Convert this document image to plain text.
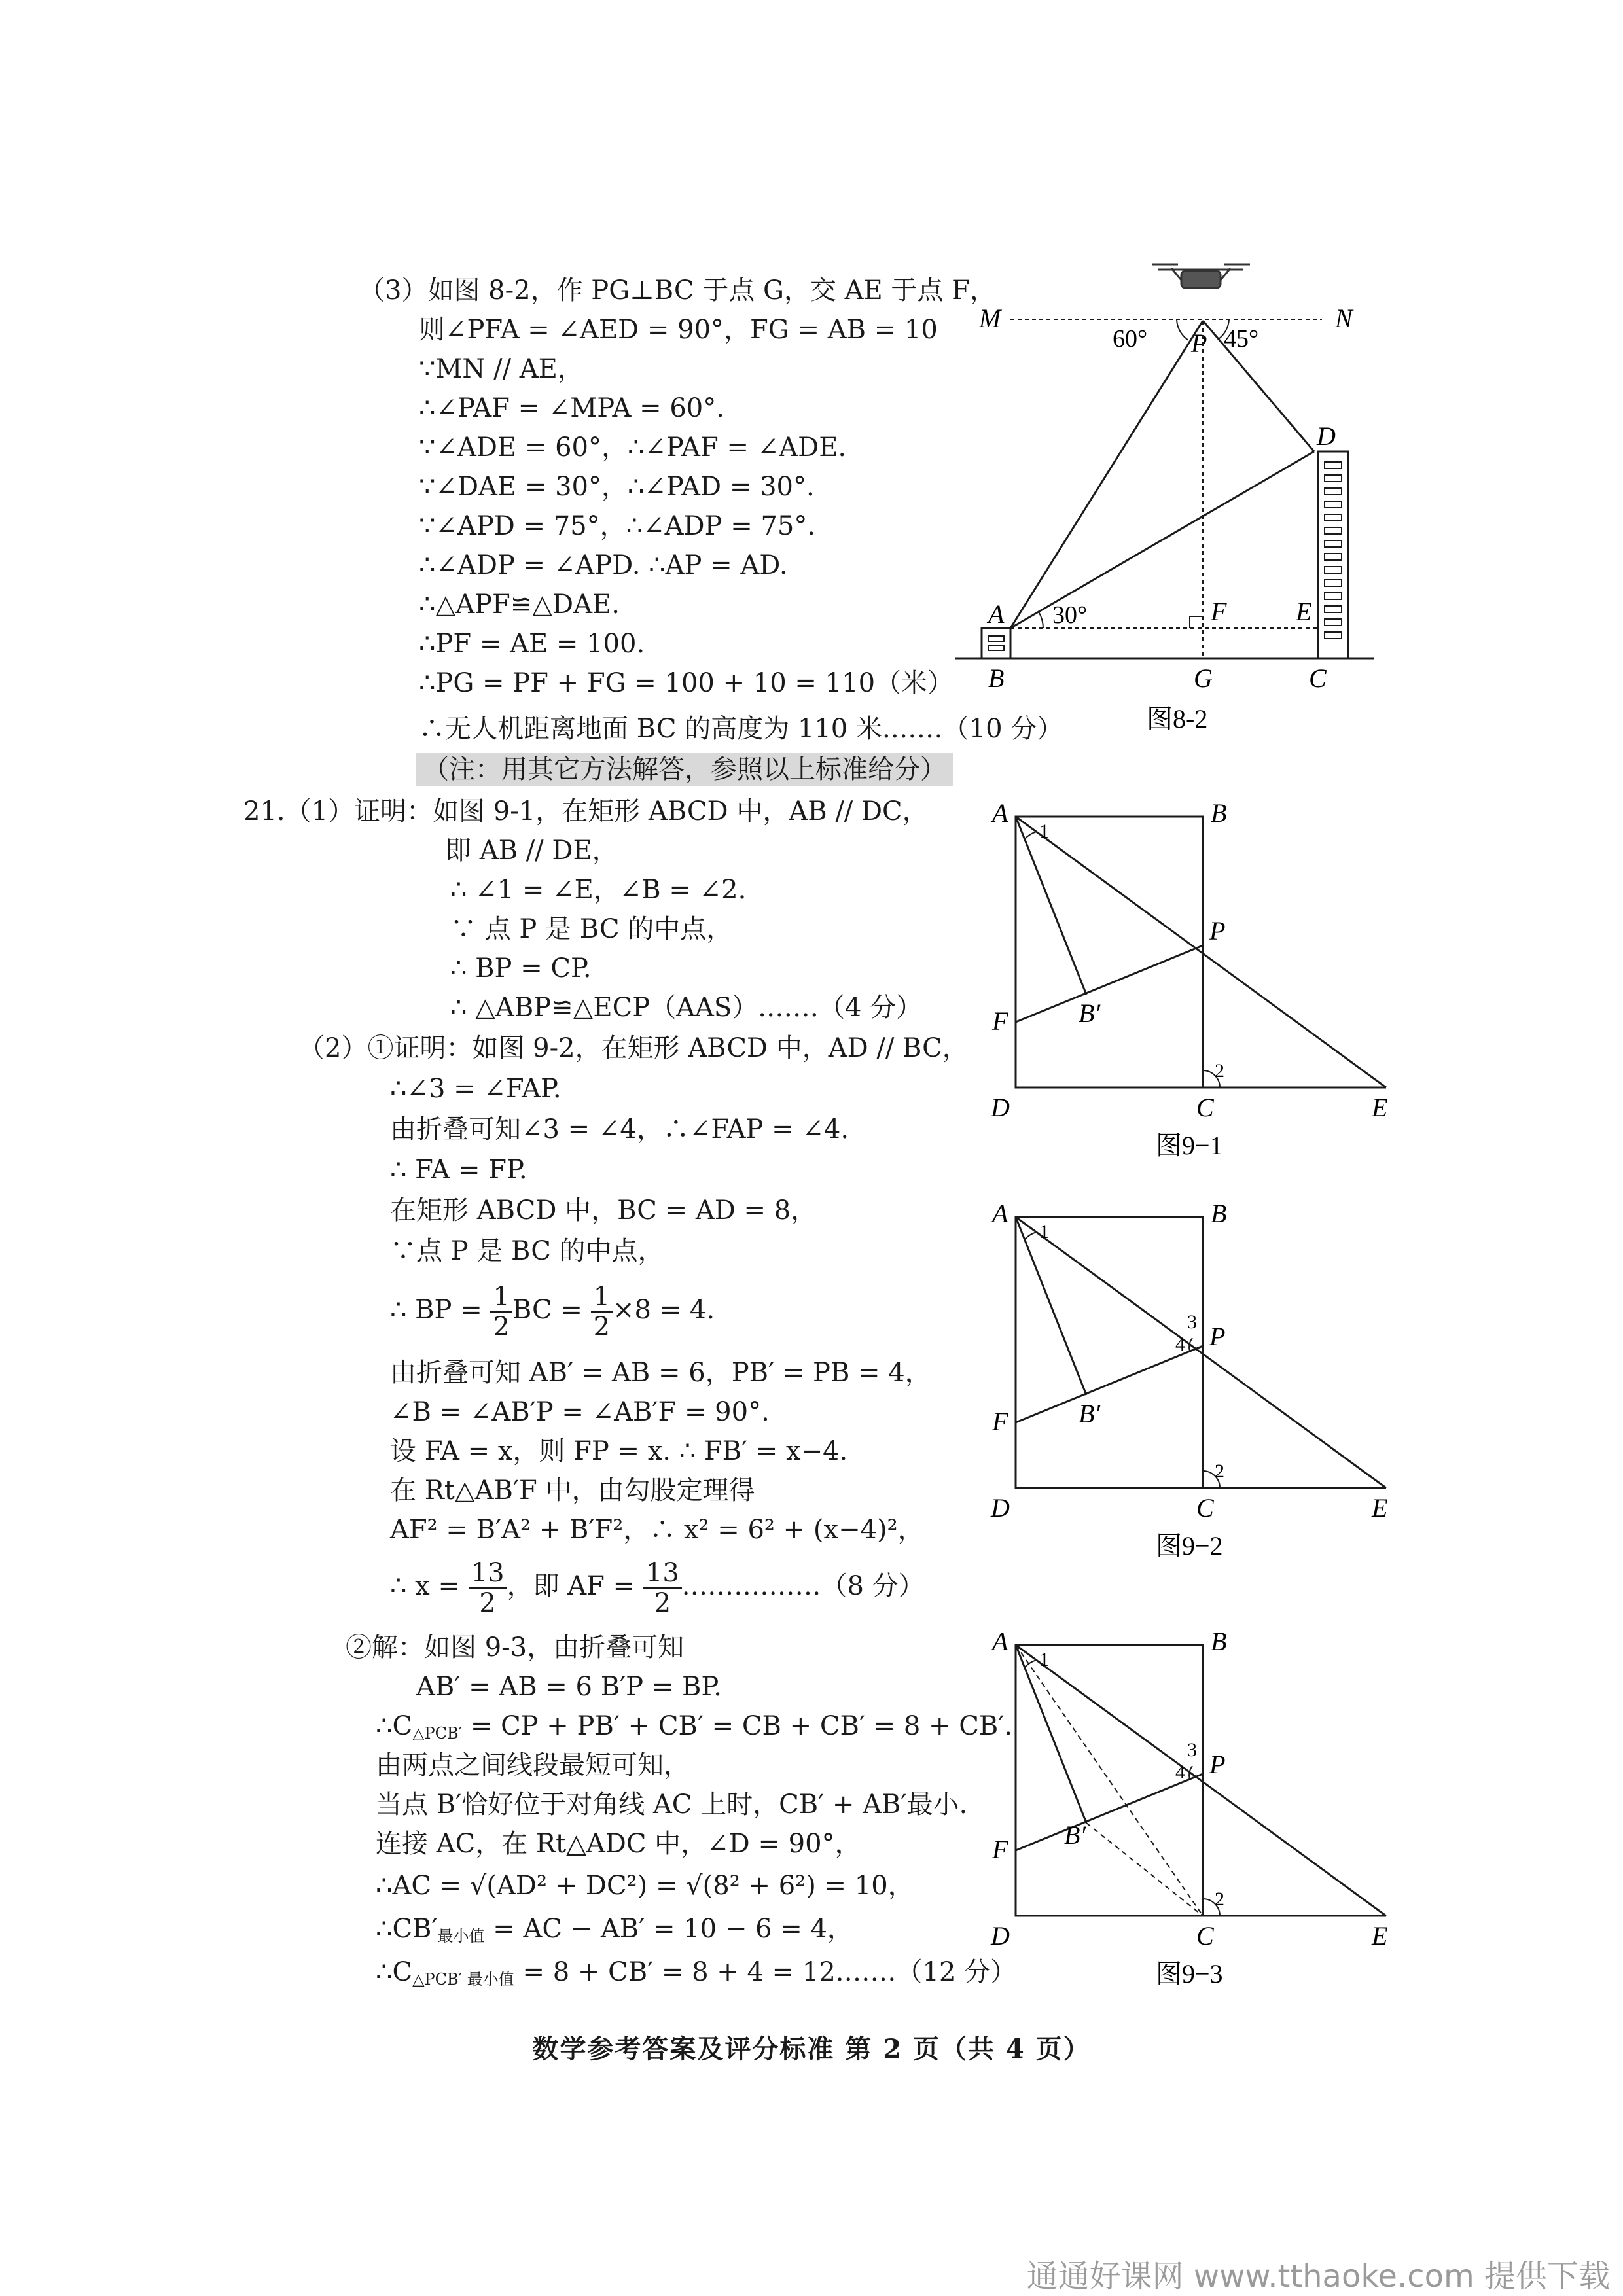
（3）如图 8-2，作 PG⊥BC 于点 G，交 AE 于点 F，
则∠PFA = ∠AED = 90°，FG = AB = 10
∵MN // AE，
∴∠PAF = ∠MPA = 60°.
∵∠ADE = 60°，∴∠PAF = ∠ADE.
∵∠DAE = 30°，∴∠PAD = 30°.
∵∠APD = 75°，∴∠ADP = 75°.
∴∠ADP = ∠APD. ∴AP = AD.
∴△APF≌△DAE.
∴PF = AE = 100.
∴PG = PF + FG = 100 + 10 = 110（米）
∴无人机距离地面 BC 的高度为 110 米.……（10 分）
（注：用其它方法解答，参照以上标准给分）
21.（1）证明：如图 9-1，在矩形 ABCD 中，AB // DC，
即 AB // DE，
∴ ∠1 = ∠E，∠B = ∠2.
∵ 点 P 是 BC 的中点，
∴ BP = CP.
∴ △ABP≌△ECP（AAS）.……（4 分）
（2）①证明：如图 9-2，在矩形 ABCD 中，AD // BC，
∴∠3 = ∠FAP.
由折叠可知∠3 = ∠4，∴∠FAP = ∠4.
∴ FA = FP.
在矩形 ABCD 中，BC = AD = 8，
∵点 P 是 BC 的中点，
∴ BP = $\frac{1}{2}$ BC = $\frac{1}{2} \times 8 = 4$.
由折叠可知 AB′ = AB = 6，PB′ = PB = 4，
∠B = ∠AB′P = ∠AB′F = 90°.
设 FA = x，则 FP = x. ∴ FB′ = x−4.
在 Rt△AB′F 中，由勾股定理得
AF² = B′A² + B′F²，∴ x² = 6² + (x−4)²，
∴ $x = \frac{13}{2}$ ，即 AF = $\frac{13}{2}$ .……………（8 分）
②解：如图 9-3，由折叠可知
AB′ = AB = 6 B′P = BP.
$\therefore C_{\triangle PCB'}$ = CP + PB′ + CB′ = CB + CB′ = 8 + CB′.
由两点之间线段最短可知，
当点 B′恰好位于对角线 AC 上时，CB′ + AB′最小.
连接 AC，在 Rt△ADC 中，∠D = 90°，
∴AC = √(AD² + DC²) = √(8² + 6²) = 10，
$\therefore CB'_{最小值}$ = AC − AB′ = 10 − 6 = 4，
$\therefore C_{\triangle PCB' 最小值} = 8 + CB' = 8 + 4$ = 12.……（12 分）
M	N
60°	45°
P
D
30°
A	F	E
B	G	C
图8-2
A	B
1
P
B′
F
2
D	C	E
图9−1
A	B
1
3
4 P
B′
F
2
D	C	E
图9−2
A	B
1
3
4 P
B′
F
2
D	C	E
图9−3
数学参考答案及评分标准 第 2 页（共 4 页）
通通好课网 www.tthaoke.com 提供下载
